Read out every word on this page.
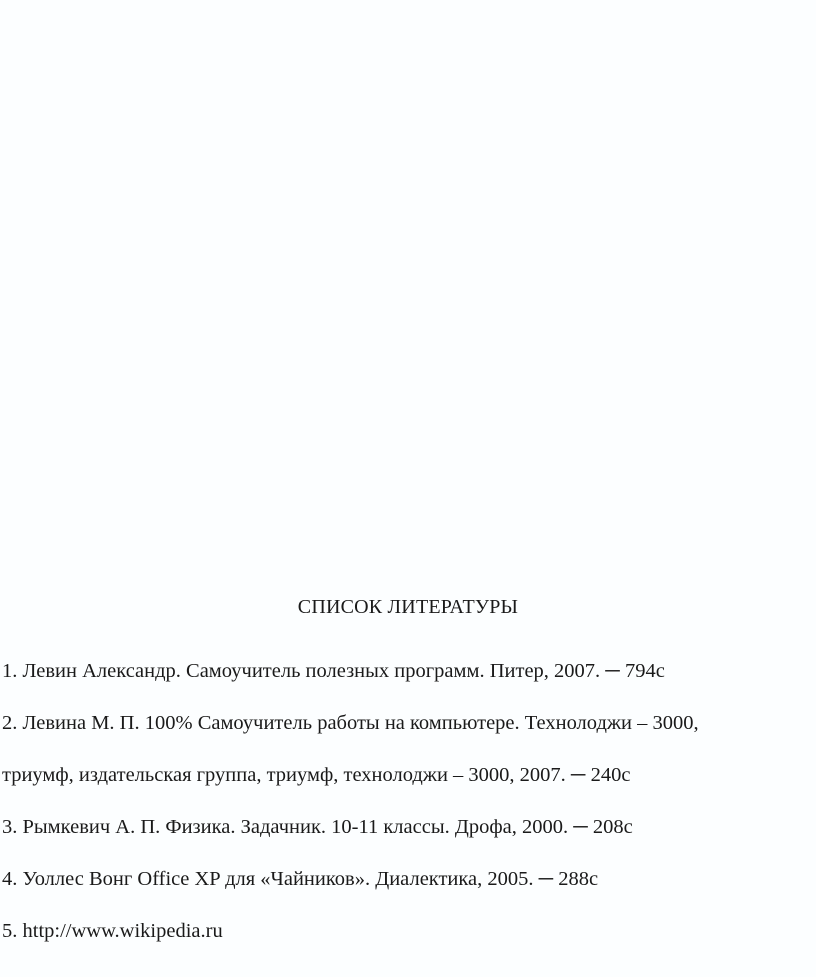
СПИСОК ЛИТЕРАТУРЫ
1. Левин Александр. Самоучитель полезных программ. Питер, 2007. ─ 794с
2. Левина М. П. 100% Самоучитель работы на компьютере. Технолоджи – 3000,
триумф, издательская группа, триумф, технолоджи – 3000, 2007. ─ 240с
3. Рымкевич А. П. Физика. Задачник. 10-11 классы. Дрофа, 2000. ─ 208с
4. Уоллес Вонг Office XP для «Чайников». Диалектика, 2005. ─ 288с
5. http://www.wikipedia.ru
